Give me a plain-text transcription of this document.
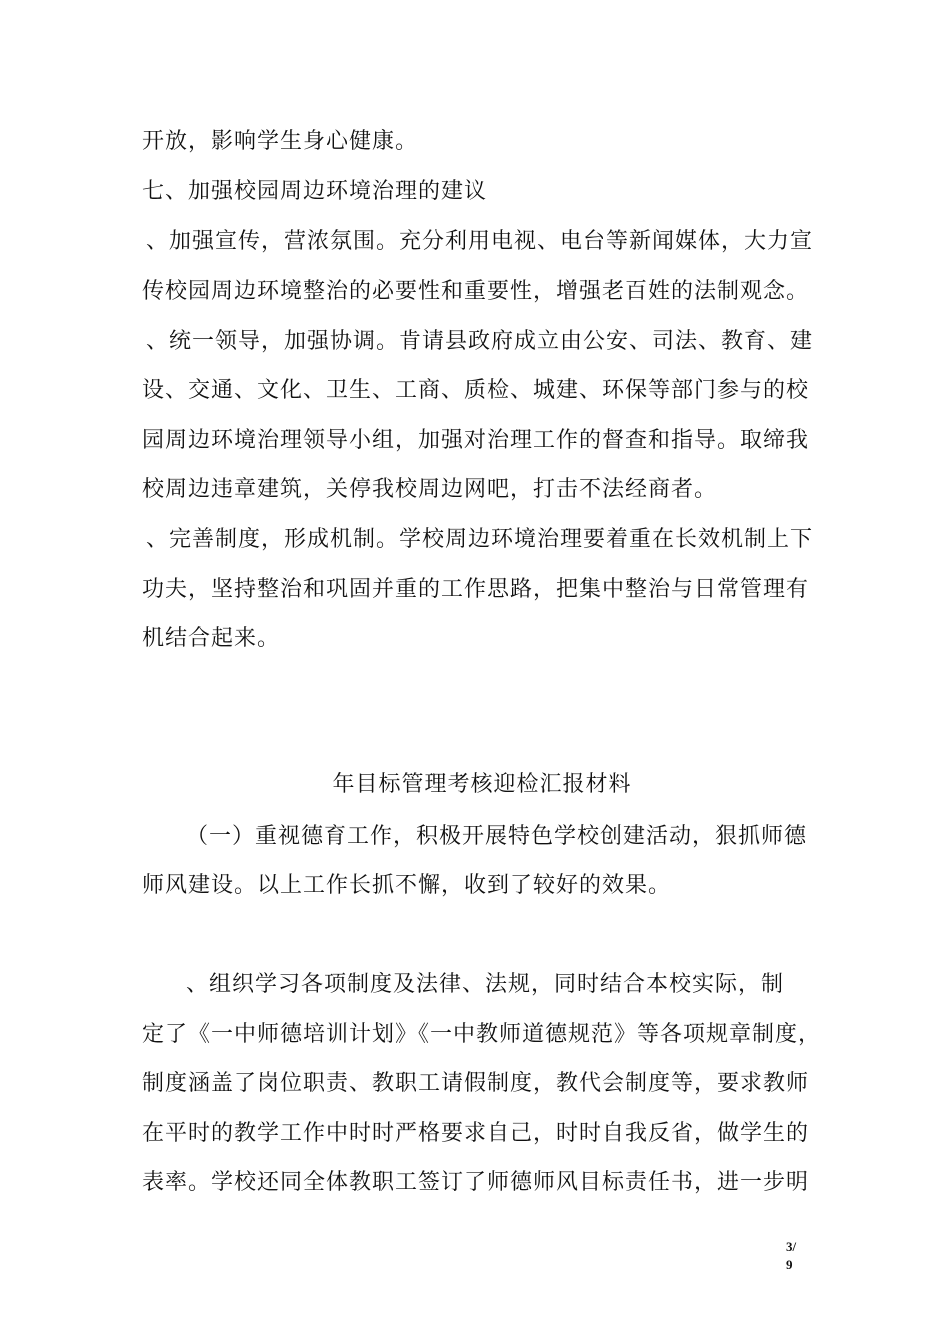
开放，影响学生身心健康。
七、加强校园周边环境治理的建议
、加强宣传，营浓氛围。充分利用电视、电台等新闻媒体，大力宣
传校园周边环境整治的必要性和重要性，增强老百姓的法制观念。
、统一领导，加强协调。肯请县政府成立由公安、司法、教育、建
设、交通、文化、卫生、工商、质检、城建、环保等部门参与的校
园周边环境治理领导小组，加强对治理工作的督查和指导。取缔我
校周边违章建筑，关停我校周边网吧，打击不法经商者。
、完善制度，形成机制。学校周边环境治理要着重在长效机制上下
功夫，坚持整治和巩固并重的工作思路，把集中整治与日常管理有
机结合起来。
年目标管理考核迎检汇报材料
（一）重视德育工作，积极开展特色学校创建活动，狠抓师德
师风建设。以上工作长抓不懈，收到了较好的效果。
、组织学习各项制度及法律、法规，同时结合本校实际，制
定了《一中师德培训计划》《一中教师道德规范》等各项规章制度，
制度涵盖了岗位职责、教职工请假制度，教代会制度等，要求教师
在平时的教学工作中时时严格要求自己，时时自我反省，做学生的
表率。学校还同全体教职工签订了师德师风目标责任书，进一步明
3/
9
